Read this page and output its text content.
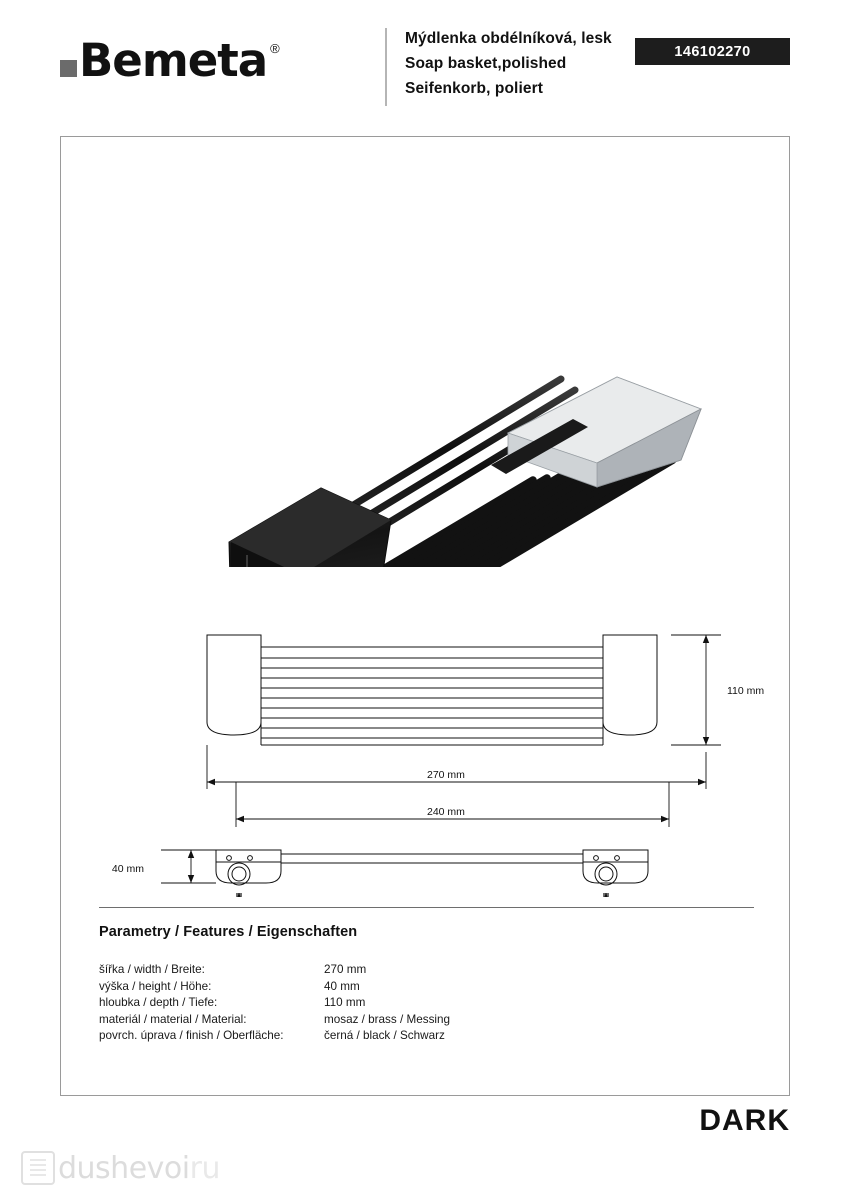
Bemeta ®
Mýdlenka obdélníková, lesk
Soap basket,polished
Seifenkorb, poliert
146102270
110 mm
270 mm
240 mm
40 mm
Parametry / Features / Eigenschaften
šířka / width / Breite:	270 mm
výška / height / Höhe:	40 mm
hloubka / depth / Tiefe:	110 mm
materiál / material / Material:	mosaz / brass / Messing
povrch. úprava / finish / Oberfläche:	černá / black / Schwarz
DARK
dushevoi ru
